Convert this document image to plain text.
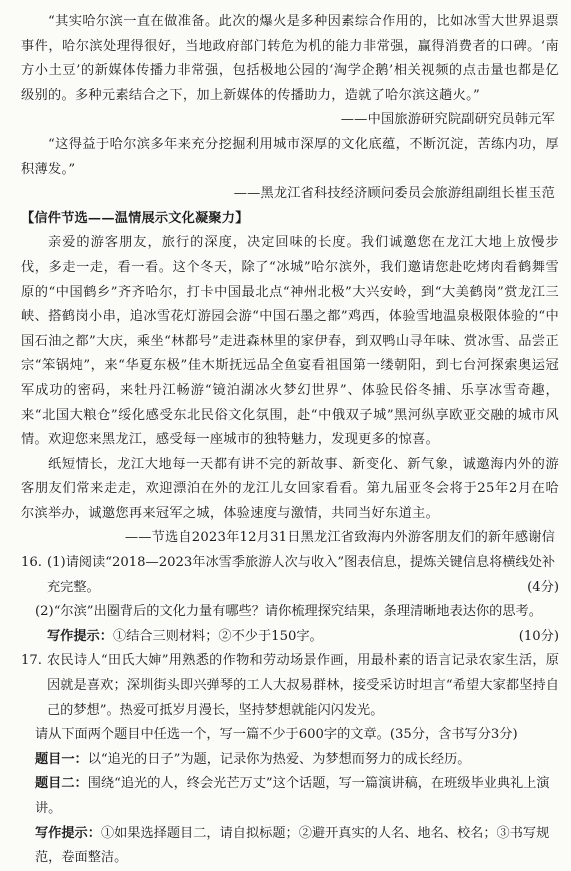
“其实哈尔滨一直在做准备。此次的爆火是多种因素综合作用的，比如冰雪大世界退票事件，哈尔滨处理得很好，当地政府部门转危为机的能力非常强，赢得消费者的口碑。‘南方小土豆’的新媒体传播力非常强，包括极地公园的‘淘学企鹅’相关视频的点击量也都是亿级别的。多种元素结合之下，加上新媒体的传播助力，造就了哈尔滨这趟火。”

——中国旅游研究院副研究员韩元军

“这得益于哈尔滨多年来充分挖掘利用城市深厚的文化底蕴，不断沉淀，苦练内功，厚积薄发。”

——黑龙江省科技经济顾问委员会旅游组副组长崔玉范

【信件节选——温情展示文化凝聚力】

亲爱的游客朋友，旅行的深度，决定回味的长度。我们诚邀您在龙江大地上放慢步伐，多走一走，看一看。这个冬天，除了“冰城”哈尔滨外，我们邀请您赴吃烤肉看鹤舞雪原的“中国鹤乡”齐齐哈尔，打卡中国最北点“神州北极”大兴安岭，到“大美鹤岗”赏龙江三峡、搭鹤岗小串，追冰雪花灯游园会游“中国石墨之都”鸡西，体验雪地温泉极限体验的“中国石油之都”大庆，乘坐“林都号”走进森林里的家伊春，到双鸭山寻年味、赏冰雪、品尝正宗“笨锅炖”，来“华夏东极”佳木斯抚远品全鱼宴看祖国第一缕朝阳，到七台河探索奥运冠军成功的密码，来牡丹江畅游“镜泊湖冰火梦幻世界”、体验民俗冬捕、乐享冰雪奇趣，来“北国大粮仓”绥化感受东北民俗文化氛围，赴“中俄双子城”黑河纵享欧亚交融的城市风情。欢迎您来黑龙江，感受每一座城市的独特魅力，发现更多的惊喜。

纸短情长，龙江大地每一天都有讲不完的新故事、新变化、新气象，诚邀海内外的游客朋友们常来走走，欢迎漂泊在外的龙江儿女回家看看。第九届亚冬会将于25年2月在哈尔滨举办，诚邀您再来冠军之城，体验速度与激情，共同当好东道主。

——节选自2023年12月31日黑龙江省致海内外游客朋友们的新年感谢信

16. (1)请阅读“2018—2023年冰雪季旅游人次与收入”图表信息，提炼关键信息将横线处补充完整。	(4分)
(2)“尔滨”出圈背后的文化力量有哪些？请你梳理探究结果，条理清晰地表达你的思考。
(10分)
写作提示：①结合三则材料；②不少于150字。
17. 农民诗人“田氏大婶”用熟悉的作物和劳动场景作画，用最朴素的语言记录农家生活，原因就是喜欢；深圳街头即兴弹琴的工人大叔易群林，接受采访时坦言“希望大家都坚持自己的梦想”。热爱可抵岁月漫长，坚持梦想就能闪闪发光。
请从下面两个题目中任选一个，写一篇不少于600字的文章。(35分，含书写分3分)
题目一：以“追光的日子”为题，记录你为热爱、为梦想而努力的成长经历。
题目二：围绕“追光的人，终会光芒万丈”这个话题，写一篇演讲稿，在班级毕业典礼上演讲。
写作提示：①如果选择题目二，请自拟标题；②避开真实的人名、地名、校名；③书写规范，卷面整洁。
